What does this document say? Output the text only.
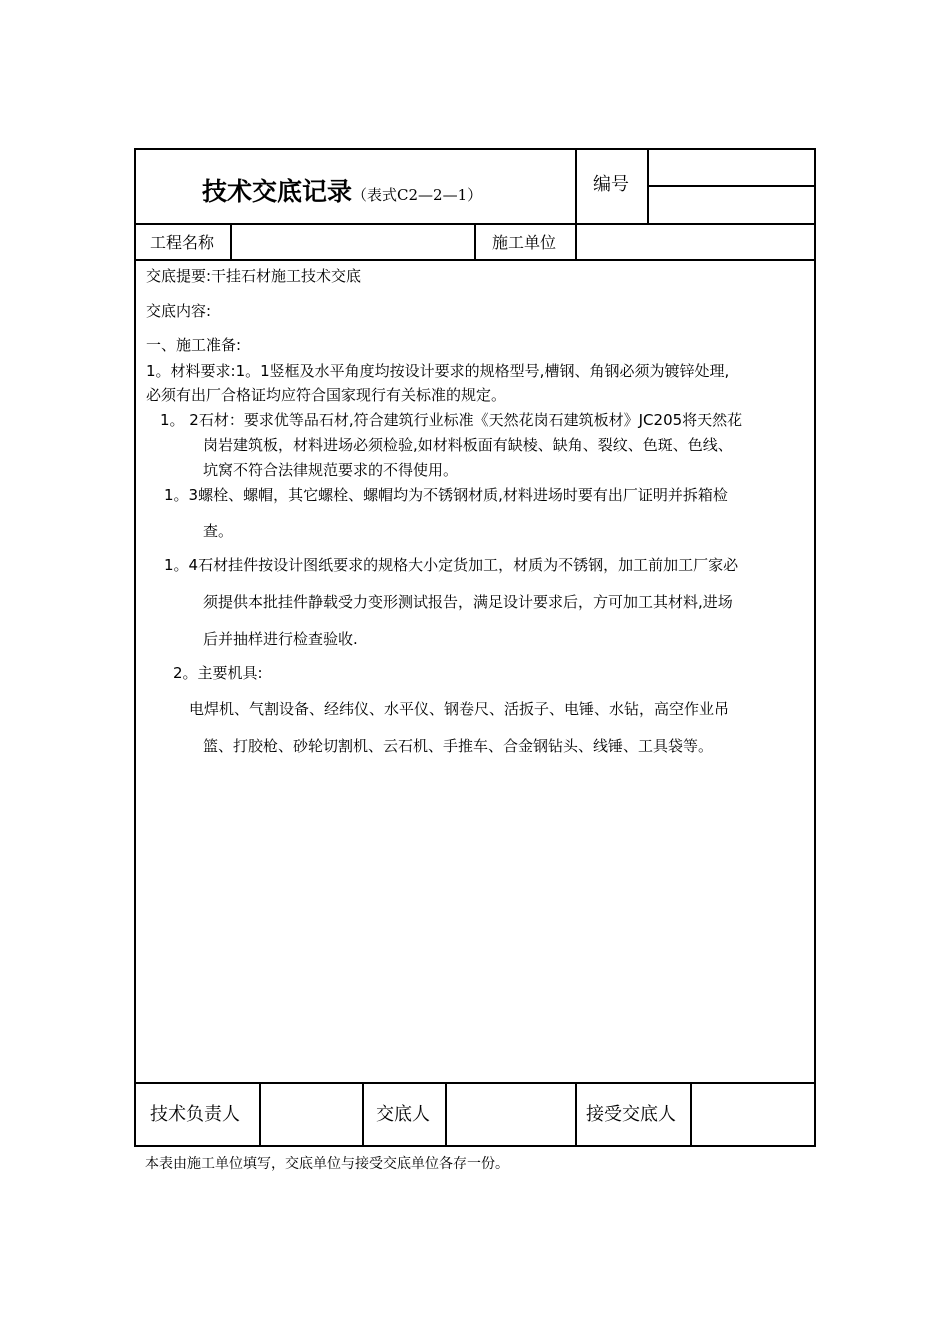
技术交底记录（表式C2—2—1）	编号
工程名称	施工单位
交底提要:干挂石材施工技术交底
交底内容:
一、施工准备:
1。材料要求:1。1竖框及水平角度均按设计要求的规格型号,槽钢、角钢必须为镀锌处理,
必须有出厂合格证均应符合国家现行有关标准的规定。
1。 2石材：要求优等品石材,符合建筑行业标准《天然花岗石建筑板材》JC205将天然花
岗岩建筑板，材料进场必须检验,如材料板面有缺棱、缺角、裂纹、色斑、色线、
坑窝不符合法律规范要求的不得使用。
1。3螺栓、螺帽，其它螺栓、螺帽均为不锈钢材质,材料进场时要有出厂证明并拆箱检
查。
1。4石材挂件按设计图纸要求的规格大小定货加工，材质为不锈钢，加工前加工厂家必
须提供本批挂件静载受力变形测试报告，满足设计要求后，方可加工其材料,进场
后并抽样进行检查验收.
2。主要机具:
电焊机、气割设备、经纬仪、水平仪、钢卷尺、活扳子、电锤、水钻，高空作业吊
篮、打胶枪、砂轮切割机、云石机、手推车、合金钢钻头、线锤、工具袋等。
技术负责人	交底人	接受交底人
本表由施工单位填写，交底单位与接受交底单位各存一份。
